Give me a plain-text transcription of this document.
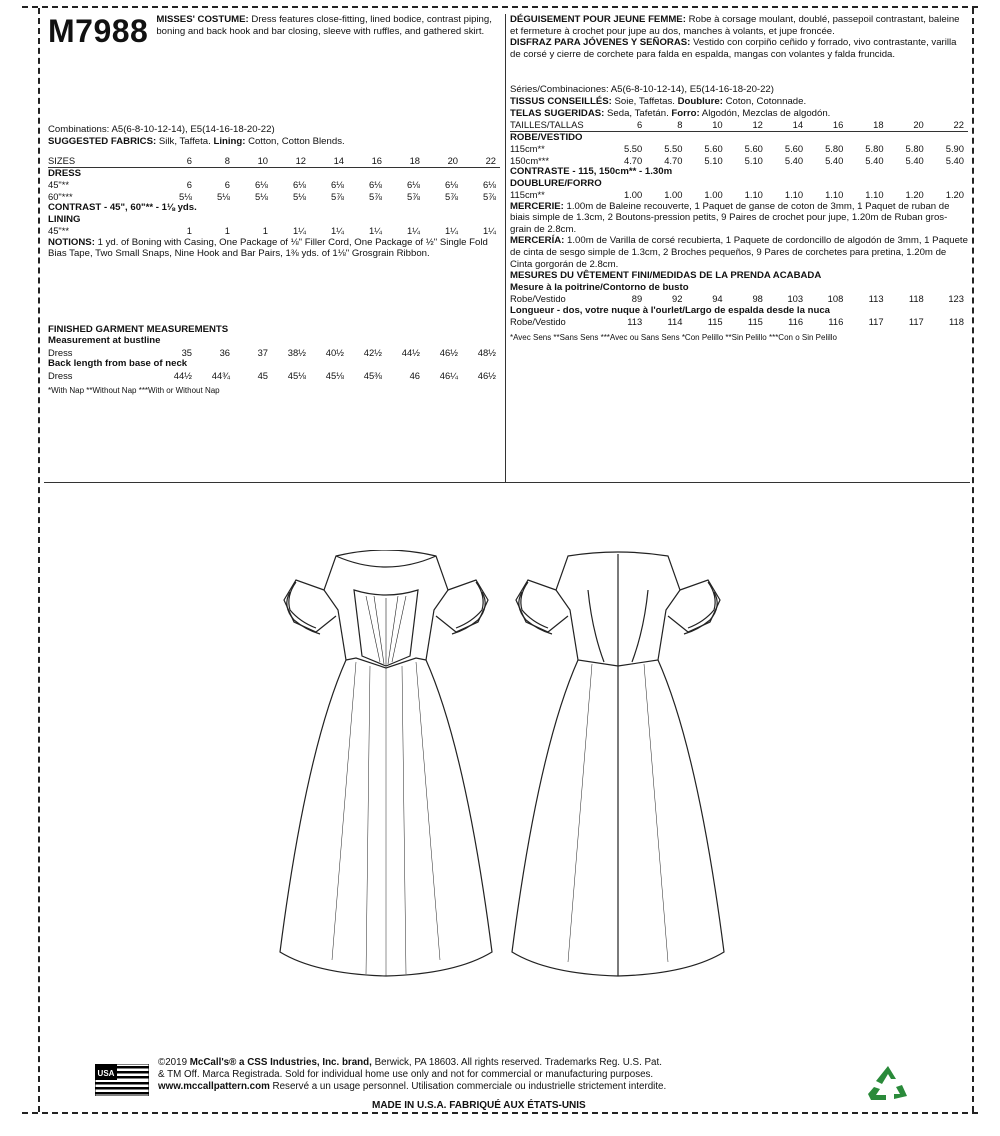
M7988 MISSES' COSTUME: Dress features close-fitting, lined bodice, contrast piping, boning and back hook and bar closing, sleeve with ruffles, and gathered skirt.

Combinations: A5(6-8-10-12-14), E5(14-16-18-20-22)

SUGGESTED FABRICS: Silk, Taffeta. Lining: Cotton, Cotton Blends.

SIZES	6	8	10	12	14	16	18	20	22

DRESS

45"**	6	6	6⅛	6⅛	6⅛	6⅛	6⅛	6⅛	6⅛
60"***	5⅛	5⅛	5⅛	5⅛	5⅞	5⅞	5⅞	5⅞	5⅞

CONTRAST - 45", 60"** - 1⅛ yds.

LINING

45"**	1	1	1	1¼	1¼	1¼	1¼	1¼	1¼

NOTIONS: 1 yd. of Boning with Casing, One Package of ⅛" Filler Cord, One Package of ½" Single Fold Bias Tape, Two Small Snaps, Nine Hook and Bar Pairs, 1⅜ yds. of 1⅛" Grosgrain Ribbon.

FINISHED GARMENT MEASUREMENTS

Measurement at bustline

Dress	35	36	37	38½	40½	42½	44½	46½	48½

Back length from base of neck

Dress	44½	44¾	45	45⅛	45⅛	45⅜	46	46¼	46½

*With Nap **Without Nap ***With or Without Nap

DÉGUISEMENT POUR JEUNE FEMME: Robe à corsage moulant, doublé, passepoil contrastant, baleine et fermeture à crochet pour jupe au dos, manches à volants, et jupe froncée.

DISFRAZ PARA JÓVENES Y SEÑORAS: Vestido con corpiño ceñido y forrado, vivo contrastante, varilla de corsé y cierre de corchete para falda en espalda, mangas con volantes y falda fruncida.

Séries/Combinaciones: A5(6-8-10-12-14), E5(14-16-18-20-22)

TISSUS CONSEILLÉS: Soie, Taffetas. Doublure: Coton, Cotonnade.

TELAS SUGERIDAS: Seda, Tafetán. Forro: Algodón, Mezclas de algodón.

TAILLES/TALLAS	6	8	10	12	14	16	18	20	22

ROBE/VESTIDO

115cm**	5.50	5.50	5.60	5.60	5.60	5.80	5.80	5.80	5.90
150cm***	4.70	4.70	5.10	5.10	5.40	5.40	5.40	5.40	5.40

CONTRASTE - 115, 150cm** - 1.30m

DOUBLURE/FORRO

115cm**	1.00	1.00	1.00	1.10	1.10	1.10	1.10	1.20	1.20

MERCERIE: 1.00m de Baleine recouverte, 1 Paquet de ganse de coton de 3mm, 1 Paquet de ruban de biais simple de 1.3cm, 2 Boutons-pression petits, 9 Paires de crochet pour jupe, 1.20m de Ruban gros-grain de 2.8cm.

MERCERÍA: 1.00m de Varilla de corsé recubierta, 1 Paquete de cordoncillo de algodón de 3mm, 1 Paquete de cinta de sesgo simple de 1.3cm, 2 Broches pequeños, 9 Pares de corchetes para pretina, 1.20m de Cinta gorgorán de 2.8cm.

MESURES DU VÊTEMENT FINI/MEDIDAS DE LA PRENDA ACABADA

Mesure à la poitrine/Contorno de busto

Robe/Vestido	89	92	94	98	103	108	113	118	123

Longueur - dos, votre nuque à l'ourlet/Largo de espalda desde la nuca

Robe/Vestido	113	114	115	115	116	116	117	117	118

*Avec Sens **Sans Sens ***Avec ou Sans Sens *Con Pelillo **Sin Pelillo ***Con o Sin Pelillo

USA

©2019 McCall's® a CSS Industries, Inc. brand, Berwick, PA 18603. All rights reserved. Trademarks Reg. U.S. Pat.

& TM Off. Marca Registrada. Sold for individual home use only and not for commercial or manufacturing purposes.

www.mccallpattern.com Reservé a un usage personnel. Utilisation commerciale ou industrielle strictement interdite.

MADE IN U.S.A. FABRIQUÉ AUX ÉTATS-UNIS
